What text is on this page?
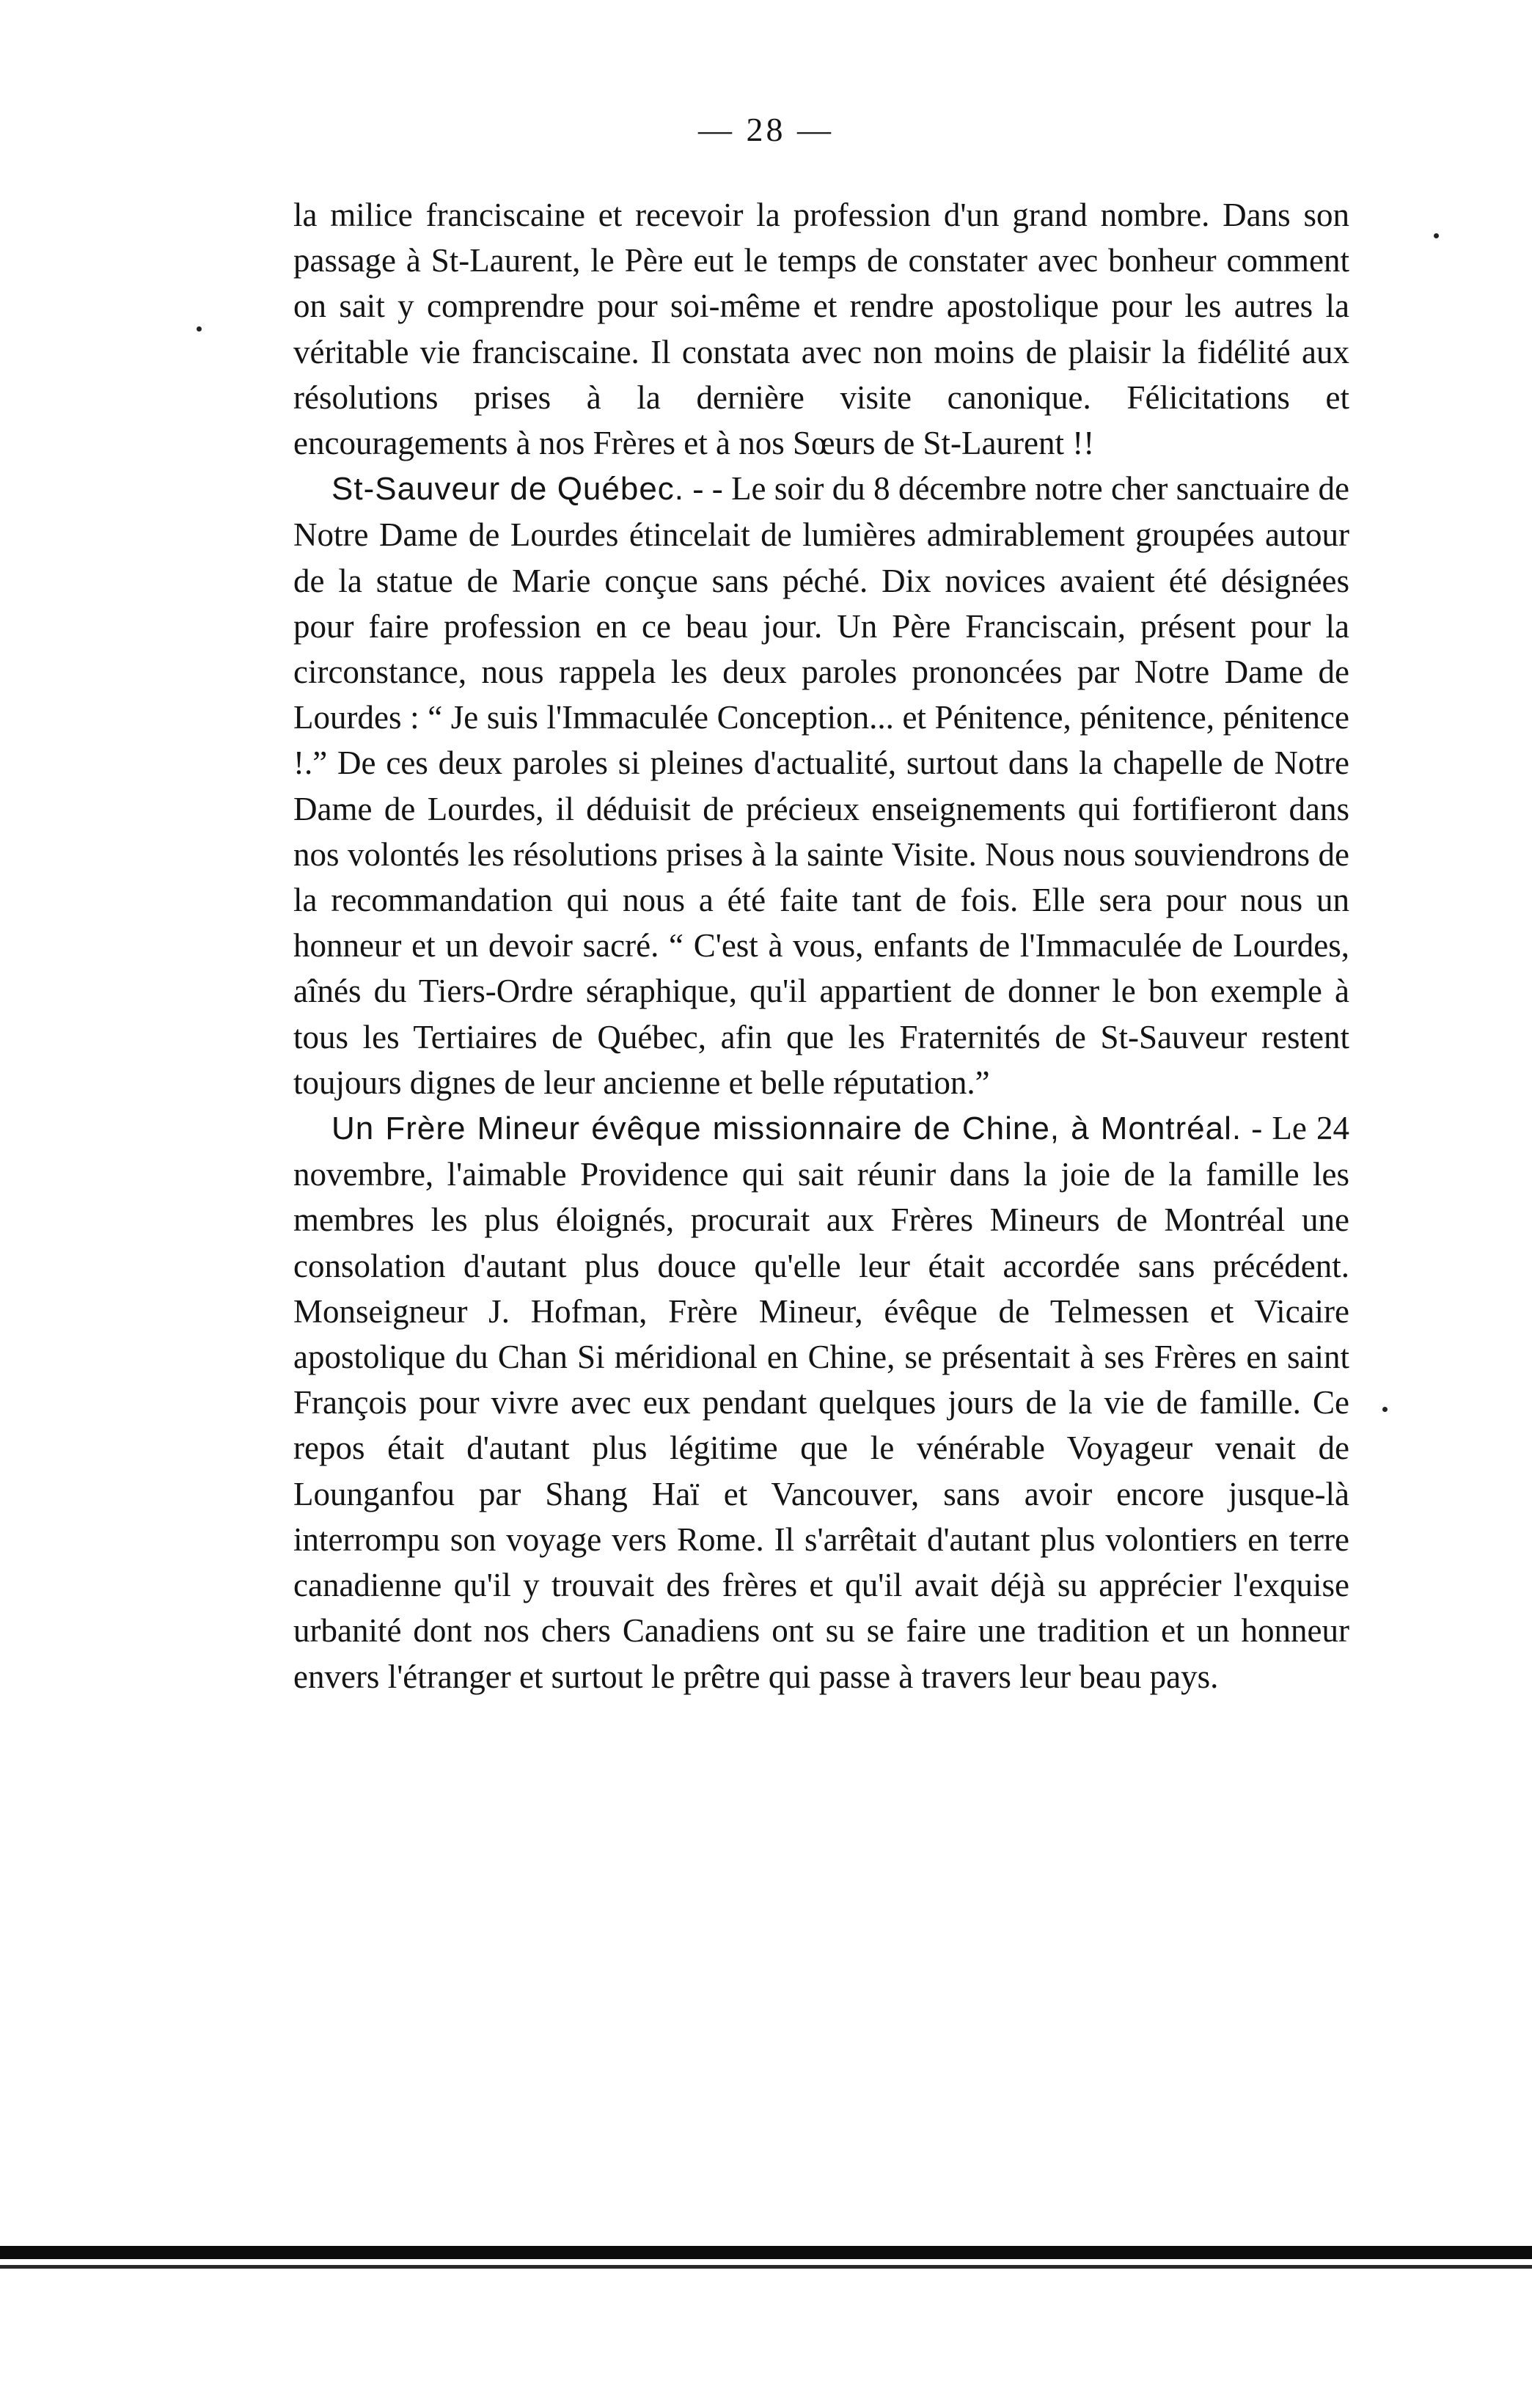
— 28 —

la milice franciscaine et recevoir la profession d'un grand nombre. Dans son passage à St-Laurent, le Père eut le temps de constater avec bonheur comment on sait y comprendre pour soi-même et rendre apostolique pour les autres la véritable vie franciscaine. Il constata avec non moins de plaisir la fidélité aux résolutions prises à la dernière visite canonique. Félicitations et encouragements à nos Frères et à nos Sœurs de St-Laurent !!

St-Sauveur de Québec. - - Le soir du 8 décembre notre cher sanctuaire de Notre Dame de Lourdes étincelait de lumières admirablement groupées autour de la statue de Marie conçue sans péché. Dix novices avaient été désignées pour faire profession en ce beau jour. Un Père Franciscain, présent pour la circonstance, nous rappela les deux paroles prononcées par Notre Dame de Lourdes : “ Je suis l'Immaculée Conception... et Pénitence, pénitence, pénitence !.” De ces deux paroles si pleines d'actualité, surtout dans la chapelle de Notre Dame de Lourdes, il déduisit de précieux enseignements qui fortifieront dans nos volontés les résolutions prises à la sainte Visite. Nous nous souviendrons de la recommandation qui nous a été faite tant de fois. Elle sera pour nous un honneur et un devoir sacré. “ C'est à vous, enfants de l'Immaculée de Lourdes, aînés du Tiers-Ordre séraphique, qu'il appartient de donner le bon exemple à tous les Tertiaires de Québec, afin que les Fraternités de St-Sauveur restent toujours dignes de leur ancienne et belle réputation.”

Un Frère Mineur évêque missionnaire de Chine, à Montréal. - Le 24 novembre, l'aimable Providence qui sait réunir dans la joie de la famille les membres les plus éloignés, procurait aux Frères Mineurs de Montréal une consolation d'autant plus douce qu'elle leur était accordée sans précédent. Monseigneur J. Hofman, Frère Mineur, évêque de Telmessen et Vicaire apostolique du Chan Si méridional en Chine, se présentait à ses Frères en saint François pour vivre avec eux pendant quelques jours de la vie de famille. Ce repos était d'autant plus légitime que le vénérable Voyageur venait de Lounganfou par Shang Haï et Vancouver, sans avoir encore jusque-là interrompu son voyage vers Rome. Il s'arrêtait d'autant plus volontiers en terre canadienne qu'il y trouvait des frères et qu'il avait déjà su apprécier l'exquise urbanité dont nos chers Canadiens ont su se faire une tradition et un honneur envers l'étranger et surtout le prêtre qui passe à travers leur beau pays.
